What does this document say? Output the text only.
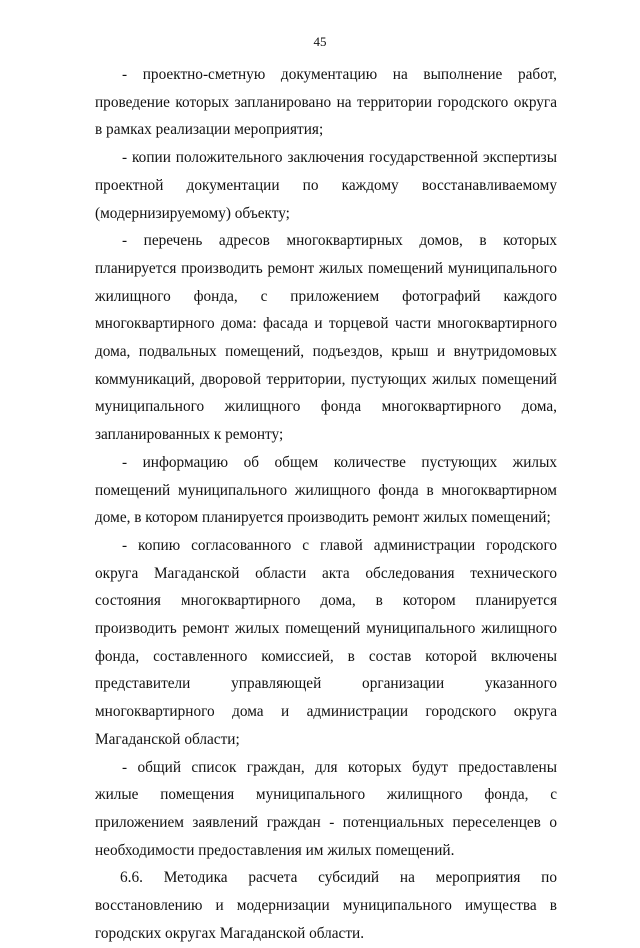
45

- проектно-сметную документацию на выполнение работ, проведение которых запланировано на территории городского округа в рамках реализации мероприятия;

- копии положительного заключения государственной экспертизы проектной документации по каждому восстанавливаемому (модернизируемому) объекту;

- перечень адресов многоквартирных домов, в которых планируется производить ремонт жилых помещений муниципального жилищного фонда, с приложением фотографий каждого многоквартирного дома: фасада и торцевой части многоквартирного дома, подвальных помещений, подъездов, крыш и внутридомовых коммуникаций, дворовой территории, пустующих жилых помещений муниципального жилищного фонда многоквартирного дома, запланированных к ремонту;

- информацию об общем количестве пустующих жилых помещений муниципального жилищного фонда в многоквартирном доме, в котором планируется производить ремонт жилых помещений;

- копию согласованного с главой администрации городского округа Магаданской области акта обследования технического состояния многоквартирного дома, в котором планируется производить ремонт жилых помещений муниципального жилищного фонда, составленного комиссией, в состав которой включены представители управляющей организации указанного многоквартирного дома и администрации городского округа Магаданской области;

- общий список граждан, для которых будут предоставлены жилые помещения муниципального жилищного фонда, с приложением заявлений граждан - потенциальных переселенцев о необходимости предоставления им жилых помещений.

6.6. Методика расчета субсидий на мероприятия по восстановлению и модернизации муниципального имущества в городских округах Магаданской области.
